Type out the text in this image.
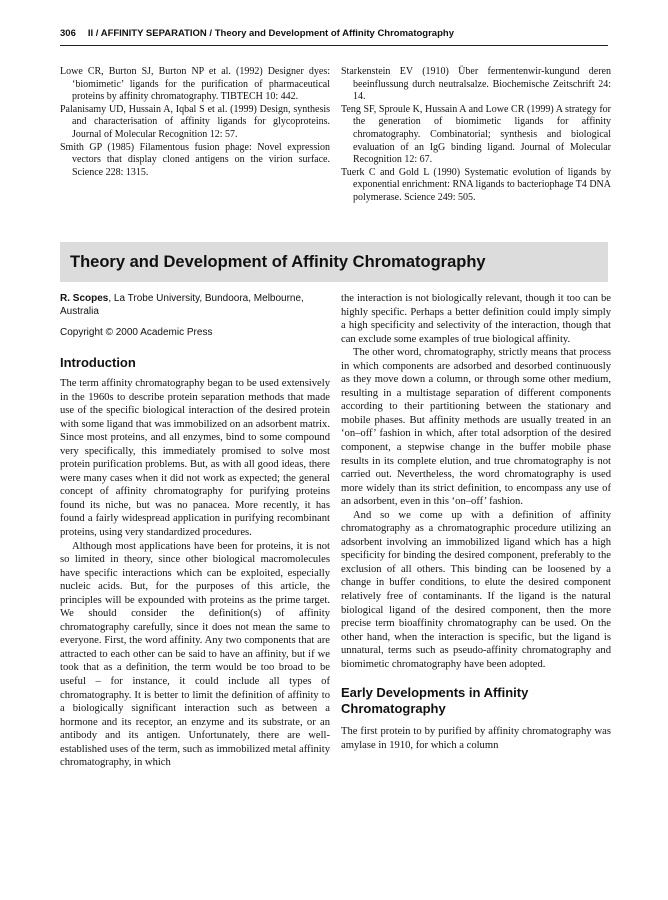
306 II / AFFINITY SEPARATION / Theory and Development of Affinity Chromatography
Lowe CR, Burton SJ, Burton NP et al. (1992) Designer dyes: ‘biomimetic’ ligands for the purification of pharmaceutical proteins by affinity chromatography. TIBTECH 10: 442.
Palanisamy UD, Hussain A, Iqbal S et al. (1999) Design, synthesis and characterisation of affinity ligands for glycoproteins. Journal of Molecular Recognition 12: 57.
Smith GP (1985) Filamentous fusion phage: Novel expression vectors that display cloned antigens on the virion surface. Science 228: 1315.
Starkenstein EV (1910) Über fermentenwir-kungund deren beeinflussung durch neutralsalze. Biochemische Zeitschrift 24: 14.
Teng SF, Sproule K, Hussain A and Lowe CR (1999) A strategy for the generation of biomimetic ligands for affinity chromatography. Combinatorial; synthesis and biological evaluation of an IgG binding ligand. Journal of Molecular Recognition 12: 67.
Tuerk C and Gold L (1990) Systematic evolution of ligands by exponential enrichment: RNA ligands to bacteriophage T4 DNA polymerase. Science 249: 505.
Theory and Development of Affinity Chromatography
R. Scopes, La Trobe University, Bundoora, Melbourne, Australia
Copyright © 2000 Academic Press
Introduction

The term affinity chromatography began to be used extensively in the 1960s to describe protein separation methods that made use of the specific biological interaction of the desired protein with some ligand that was immobilized on an adsorbent matrix. Since most proteins, and all enzymes, bind to some compound very specifically, this immediately promised to solve most protein purification problems. But, as with all good ideas, there were many cases when it did not work as expected; the general concept of affinity chromatography for purifying proteins found its niche, but was no panacea. More recently, it has found a fairly widespread application in purifying recombinant proteins, using very standardized procedures.

Although most applications have been for proteins, it is not so limited in theory, since other biological macromolecules have specific interactions which can be exploited, especially nucleic acids. But, for the purposes of this article, the principles will be expounded with proteins as the prime target. We should consider the definition(s) of affinity chromatography carefully, since it does not mean the same to everyone. First, the word affinity. Any two components that are attracted to each other can be said to have an affinity, but if we took that as a definition, the term would be too broad to be useful – for instance, it could include all types of chromatography. It is better to limit the definition of affinity to a biologically significant interaction such as between a hormone and its receptor, an enzyme and its substrate, or an antibody and its antigen. Unfortunately, there are well-established uses of the term, such as immobilized metal affinity chromatography, in which

the interaction is not biologically relevant, though it too can be highly specific. Perhaps a better definition could imply simply a high specificity and selectivity of the interaction, though that can exclude some examples of true biological affinity.

The other word, chromatography, strictly means that process in which components are adsorbed and desorbed continuously as they move down a column, or through some other medium, resulting in a multistage separation of different components according to their partitioning between the stationary and mobile phases. But affinity methods are usually treated in an ‘on–off’ fashion in which, after total adsorption of the desired component, a stepwise change in the buffer mobile phase results in its complete elution, and true chromatography is not carried out. Nevertheless, the word chromatography is used more widely than its strict definition, to encompass any use of an adsorbent, even in this ‘on–off’ fashion.

And so we come up with a definition of affinity chromatography as a chromatographic procedure utilizing an adsorbent involving an immobilized ligand which has a high specificity for binding the desired component, preferably to the exclusion of all others. This binding can be loosened by a change in buffer conditions, to elute the desired component relatively free of contaminants. If the ligand is the natural biological ligand of the desired component, then the more precise term bioaffinity chromatography can be used. On the other hand, when the interaction is specific, but the ligand is unnatural, terms such as pseudo-affinity chromatography and biomimetic chromatography have been adopted.

Early Developments in Affinity Chromatography

The first protein to by purified by affinity chromatography was amylase in 1910, for which a column
